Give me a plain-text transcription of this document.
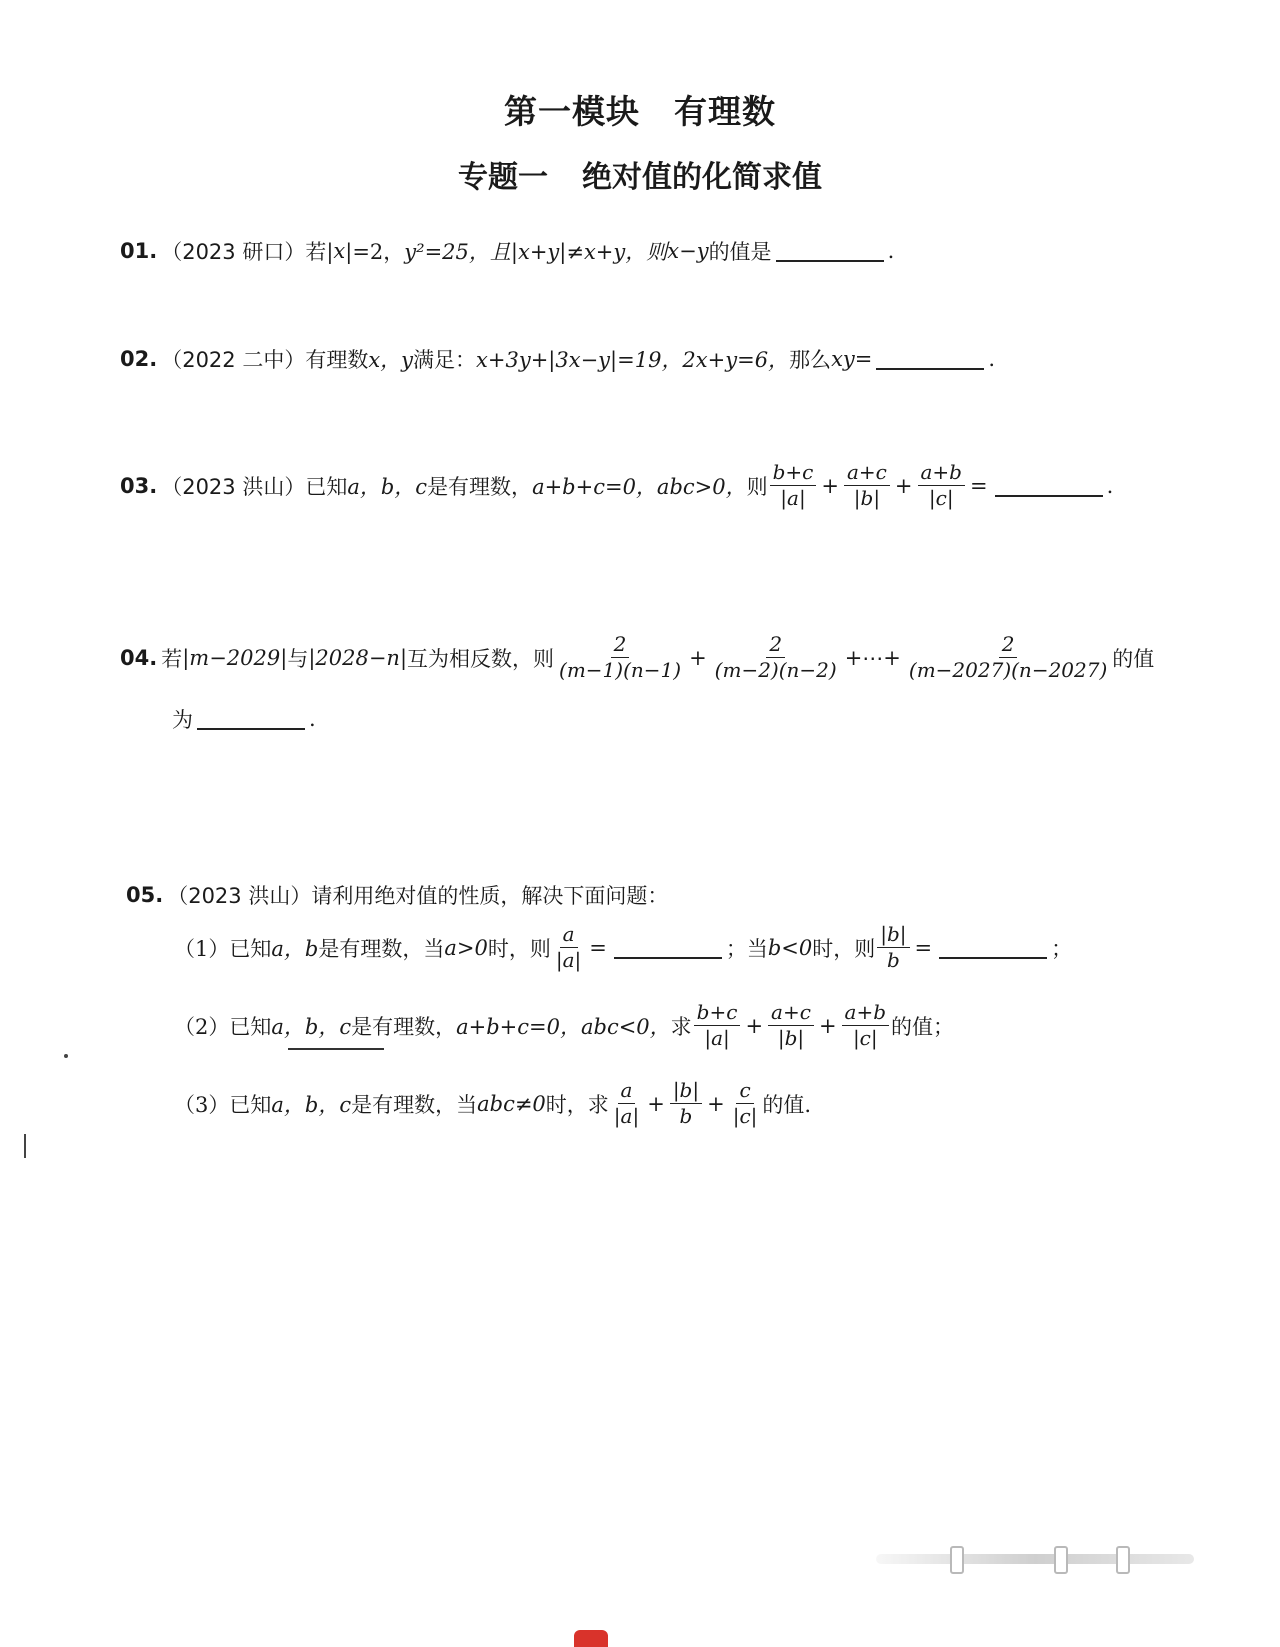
第一模块 有理数
专题一 绝对值的化简求值
01. （2023 研口） 若| x |=2， y²=25，且|x+y|≠x+y，则 x−y 的值是	.
02. （2022 二中） 有理数 x，y 满足： x+3y+|3x−y|=19，2x+y=6， 那么 xy=	.
03. （2023 洪山） 已知 a，b，c 是有理数， a+b+c=0，abc>0， 则 $\frac{b+c}{|a|} + \frac{a+c}{|b|} + \frac{a+b}{|c|}$ =	.
04. 若 |m−2029| 与 |2028−n| 互为相反数，则 $\frac{2}{(m-1)(n-1)} + \frac{2}{(m-2)(n-2)}$ +⋯+ $\frac{2}{(m-2027)(n-2027)}$ 的值
为	.
05. （2023 洪山） 请利用绝对值的性质，解决下面问题：
（1） 已知 a，b 是有理数，当 a>0 时，则 $\frac{a}{|a|}$ =	；当 b<0 时，则 $\frac{|b|}{b}$ =	；
（2） 已知 a，b，c 是有理数， a+b+c=0，abc<0， 求 $\frac{b+c}{|a|} + \frac{a+c}{|b|} + \frac{a+b}{|c|}$ 的值；
（3） 已知 a，b，c 是有理数，当 abc≠0 时，求 $\frac{a}{|a|} + \frac{|b|}{b} + \frac{c}{|c|}$ 的值.
